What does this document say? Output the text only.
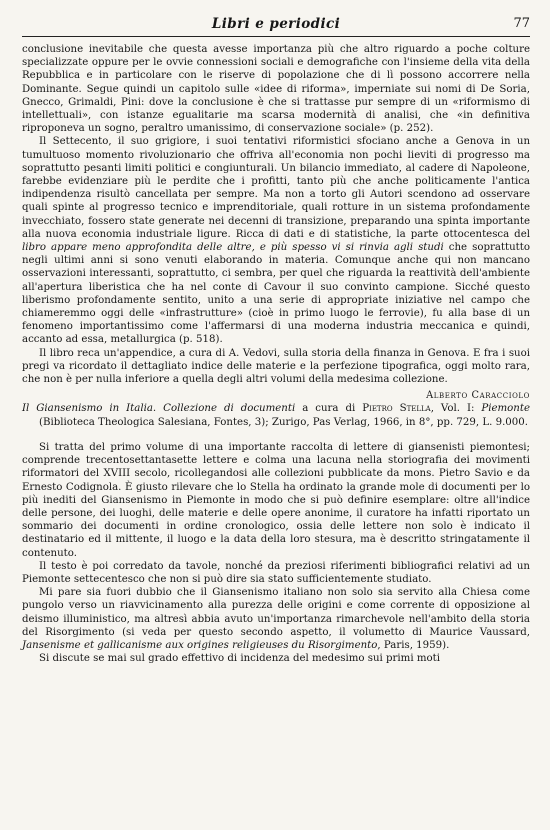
Libri e periodici	77

conclusione inevitabile che questa avesse importanza più che altro riguardo a poche colture specializzate oppure per le ovvie connessioni sociali e demografiche con l'insieme della vita della Repubblica e in particolare con le riserve di popolazione che di lì possono accorrere nella Dominante. Segue quindi un capitolo sulle «idee di riforma», imperniate sui nomi di De Soria, Gnecco, Grimaldi, Pini: dove la conclusione è che si trattasse pur sempre di un «riformismo di intellettuali», con istanze egualitarie ma scarsa modernità di analisi, che «in definitiva riproponeva un sogno, peraltro umanissimo, di conservazione sociale» (p. 252).

Il Settecento, il suo grigiore, i suoi tentativi riformistici sfociano anche a Genova in un tumultuoso momento rivoluzionario che offriva all'economia non pochi lieviti di progresso ma soprattutto pesanti limiti politici e congiunturali. Un bilancio immediato, al cadere di Napoleone, farebbe evidenziare più le perdite che i profitti, tanto più che anche politicamente l'antica indipendenza risultò cancellata per sempre. Ma non a torto gli Autori scendono ad osservare quali spinte al progresso tecnico e imprenditoriale, quali rotture in un sistema profondamente invecchiato, fossero state generate nei decenni di transizione, preparando una spinta importante alla nuova economia industriale ligure. Ricca di dati e di statistiche, la parte ottocentesca del libro appare meno approfondita delle altre, e più spesso vi si rinvia agli studi che soprattutto negli ultimi anni si sono venuti elaborando in materia. Comunque anche qui non mancano osservazioni interessanti, soprattutto, ci sembra, per quel che riguarda la reattività dell'ambiente all'apertura liberistica che ha nel conte di Cavour il suo convinto campione. Sicché questo liberismo profondamente sentito, unito a una serie di appropriate iniziative nel campo che chiameremmo oggi delle «infrastrutture» (cioè in primo luogo le ferrovie), fu alla base di un fenomeno importantissimo come l'affermarsi di una moderna industria meccanica e quindi, accanto ad essa, metallurgica (p. 518).

Il libro reca un'appendice, a cura di A. Vedovi, sulla storia della finanza in Genova. E fra i suoi pregi va ricordato il dettagliato indice delle materie e la perfezione tipografica, oggi molto rara, che non è per nulla inferiore a quella degli altri volumi della medesima collezione.

Alberto Caracciolo

Il Giansenismo in Italia. Collezione di documenti a cura di Pietro Stella, Vol. I: Piemonte (Biblioteca Theologica Salesiana, Fontes, 3); Zurigo, Pas Verlag, 1966, in 8°, pp. 729, L. 9.000.

Si tratta del primo volume di una importante raccolta di lettere di giansenisti piemontesi; comprende trecentosettantasette lettere e colma una lacuna nella storiografia dei movimenti riformatori del XVIII secolo, ricollegandosi alle collezioni pubblicate da mons. Pietro Savio e da Ernesto Codignola. È giusto rilevare che lo Stella ha ordinato la grande mole di documenti per lo più inediti del Giansenismo in Piemonte in modo che si può definire esemplare: oltre all'indice delle persone, dei luoghi, delle materie e delle opere anonime, il curatore ha infatti riportato un sommario dei documenti in ordine cronologico, ossia delle lettere non solo è indicato il destinatario ed il mittente, il luogo e la data della loro stesura, ma è descritto stringatamente il contenuto.

Il testo è poi corredato da tavole, nonché da preziosi riferimenti bibliografici relativi ad un Piemonte settecentesco che non si può dire sia stato sufficientemente studiato.

Mi pare sia fuori dubbio che il Giansenismo italiano non solo sia servito alla Chiesa come pungolo verso un riavvicinamento alla purezza delle origini e come corrente di opposizione al deismo illuministico, ma altresì abbia avuto un'importanza rimarchevole nell'ambito della storia del Risorgimento (si veda per questo secondo aspetto, il volumetto di Maurice Vaussard, Jansenisme et gallicanisme aux origines religieuses du Risorgimento, Paris, 1959).

Si discute se mai sul grado effettivo di incidenza del medesimo sui primi moti
